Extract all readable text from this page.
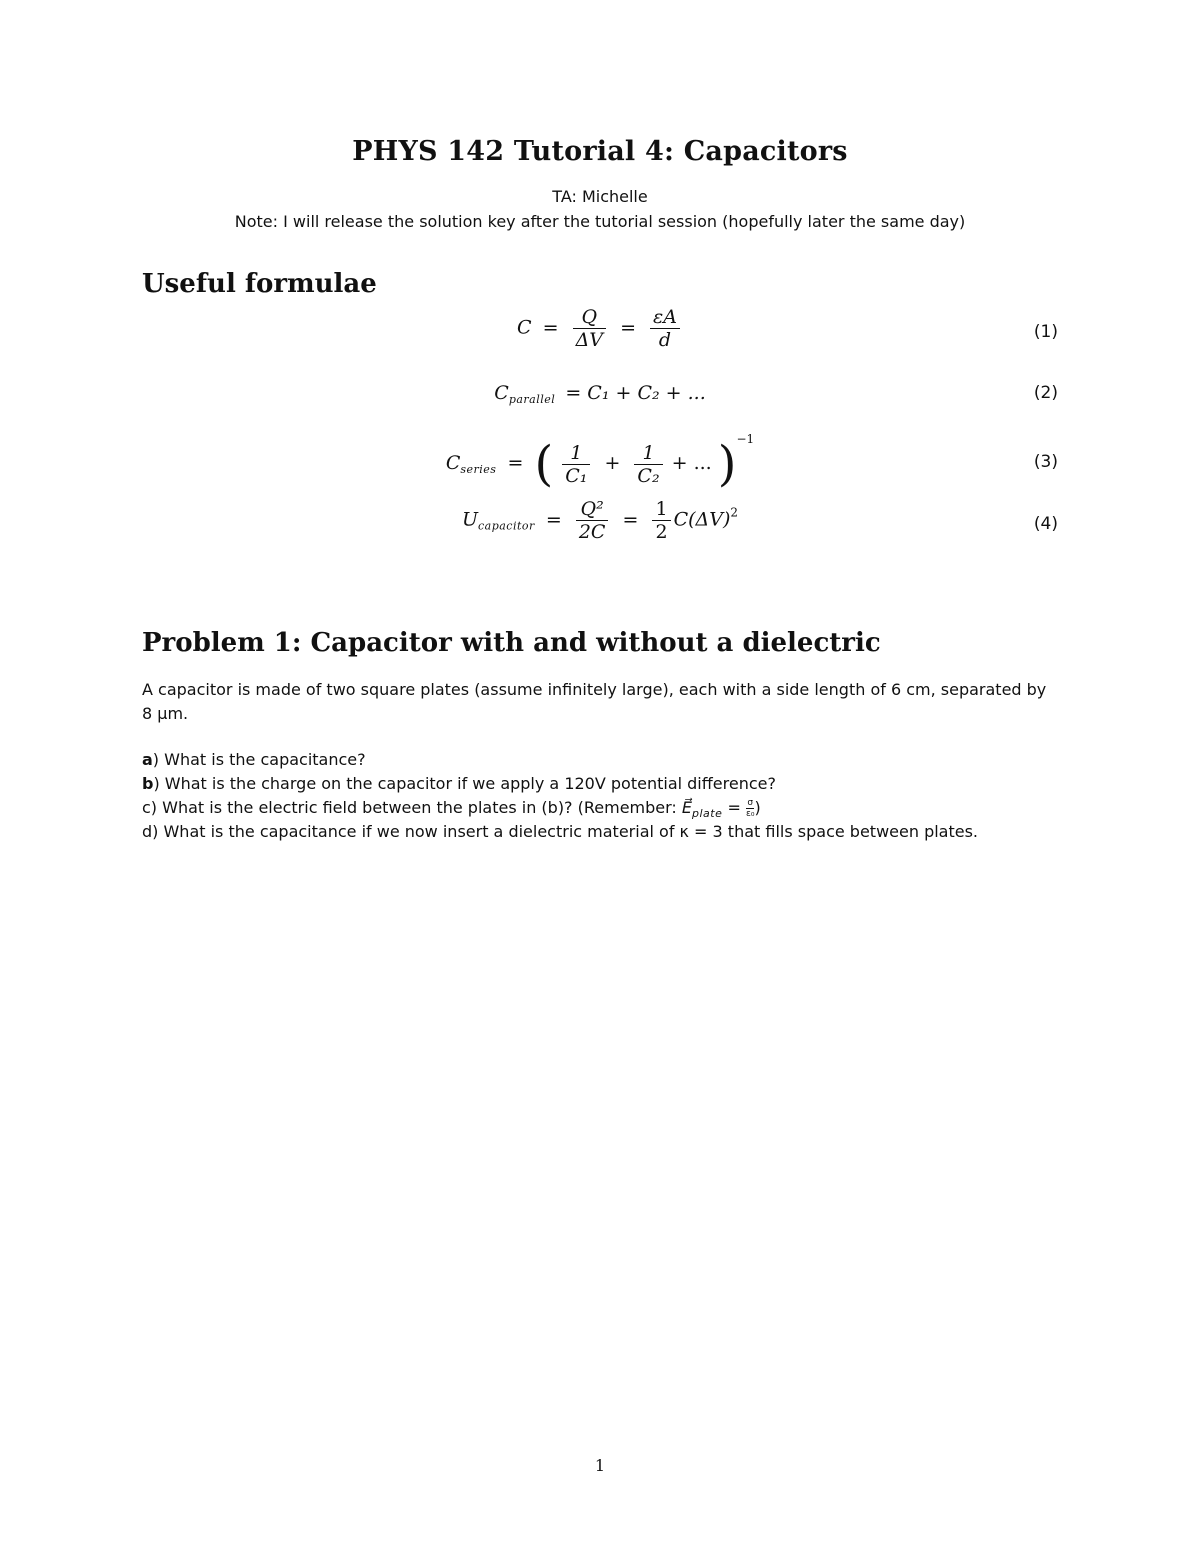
PHYS 142 Tutorial 4: Capacitors
TA: Michelle
Note: I will release the solution key after the tutorial session (hopefully later the same day)
Useful formulae
$C = \frac{Q}{\Delta V} = \frac{\varepsilon A}{d}$	(1)
$C_{parallel} = C_1 + C_2$ + ...	(2)
$C_{series}$ = ( $\frac{1}{\text{C₁}} + \frac{1}{\text{C₂}}$ + ... )$^{-1}$
(3)
$U_{capacitor} = \frac{\text{Q²}}{2C} = \frac{1}{2} C(\Delta V)^2$
(4)
Problem 1: Capacitor with and without a dielectric
A capacitor is made of two square plates (assume infinitely large), each with a side length of 6 cm, separated by 8 μm.
a) What is the capacitance?
b) What is the charge on the capacitor if we apply a 120V potential difference?
c) What is the electric field between the plates in (b)? (Remember: $E⃗_{plate} = \frac{\sigma}{\text{ε₀}}$ )
d) What is the capacitance if we now insert a dielectric material of κ = 3 that fills space between plates.
1
